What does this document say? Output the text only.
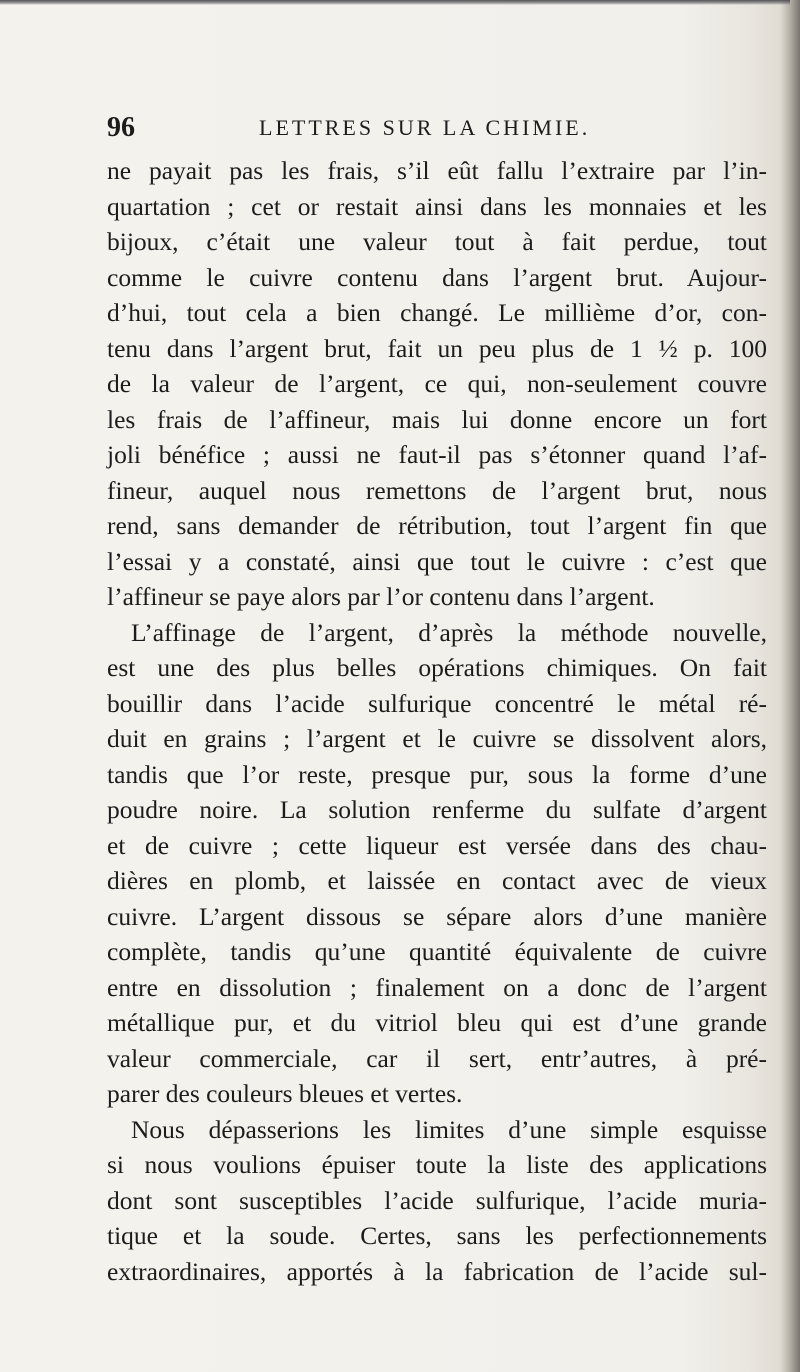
96	LETTRES SUR LA CHIMIE.
ne payait pas les frais, s’il eût fallu l’extraire par l’in-
quartation ; cet or restait ainsi dans les monnaies et les
bijoux, c’était une valeur tout à fait perdue, tout
comme le cuivre contenu dans l’argent brut. Aujour-
d’hui, tout cela a bien changé. Le millième d’or, con-
tenu dans l’argent brut, fait un peu plus de 1 ½ p. 100
de la valeur de l’argent, ce qui, non-seulement couvre
les frais de l’affineur, mais lui donne encore un fort
joli bénéfice ; aussi ne faut-il pas s’étonner quand l’af-
fineur, auquel nous remettons de l’argent brut, nous
rend, sans demander de rétribution, tout l’argent fin que
l’essai y a constaté, ainsi que tout le cuivre : c’est que
l’affineur se paye alors par l’or contenu dans l’argent.
L’affinage de l’argent, d’après la méthode nouvelle,
est une des plus belles opérations chimiques. On fait
bouillir dans l’acide sulfurique concentré le métal ré-
duit en grains ; l’argent et le cuivre se dissolvent alors,
tandis que l’or reste, presque pur, sous la forme d’une
poudre noire. La solution renferme du sulfate d’argent
et de cuivre ; cette liqueur est versée dans des chau-
dières en plomb, et laissée en contact avec de vieux
cuivre. L’argent dissous se sépare alors d’une manière
complète, tandis qu’une quantité équivalente de cuivre
entre en dissolution ; finalement on a donc de l’argent
métallique pur, et du vitriol bleu qui est d’une grande
valeur commerciale, car il sert, entr’autres, à pré-
parer des couleurs bleues et vertes.
Nous dépasserions les limites d’une simple esquisse
si nous voulions épuiser toute la liste des applications
dont sont susceptibles l’acide sulfurique, l’acide muria-
tique et la soude. Certes, sans les perfectionnements
extraordinaires, apportés à la fabrication de l’acide sul-
